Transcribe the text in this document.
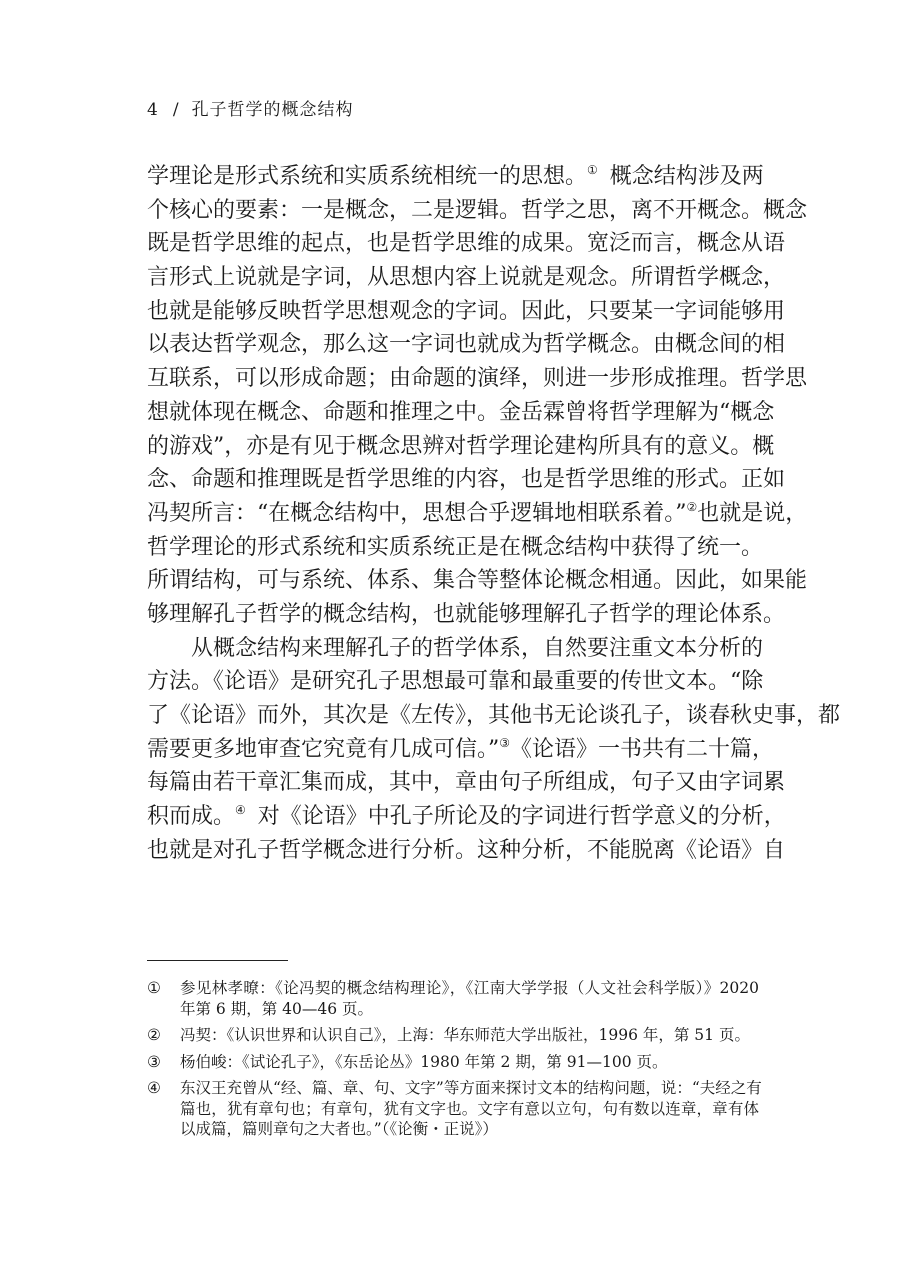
4 / 孔子哲学的概念结构
学理论是形式系统和实质系统相统一的思想。① 概念结构涉及两
个核心的要素：一是概念，二是逻辑。哲学之思，离不开概念。概念
既是哲学思维的起点，也是哲学思维的成果。宽泛而言，概念从语
言形式上说就是字词，从思想内容上说就是观念。所谓哲学概念，
也就是能够反映哲学思想观念的字词。因此，只要某一字词能够用
以表达哲学观念，那么这一字词也就成为哲学概念。由概念间的相
互联系，可以形成命题；由命题的演绎，则进一步形成推理。哲学思
想就体现在概念、命题和推理之中。金岳霖曾将哲学理解为“概念
的游戏”，亦是有见于概念思辨对哲学理论建构所具有的意义。概
念、命题和推理既是哲学思维的内容，也是哲学思维的形式。正如
冯契所言：“在概念结构中，思想合乎逻辑地相联系着。”②也就是说，
哲学理论的形式系统和实质系统正是在概念结构中获得了统一。
所谓结构，可与系统、体系、集合等整体论概念相通。因此，如果能
够理解孔子哲学的概念结构，也就能够理解孔子哲学的理论体系。
从概念结构来理解孔子的哲学体系，自然要注重文本分析的
方法。《论语》是研究孔子思想最可靠和最重要的传世文本。“除
了《论语》而外，其次是《左传》，其他书无论谈孔子，谈春秋史事，都
需要更多地审查它究竟有几成可信。”③《论语》一书共有二十篇，
每篇由若干章汇集而成，其中，章由句子所组成，句子又由字词累
积而成。④ 对《论语》中孔子所论及的字词进行哲学意义的分析，
也就是对孔子哲学概念进行分析。这种分析，不能脱离《论语》自
① 参见林孝暸：《论冯契的概念结构理论》，《江南大学学报（人文社会科学版）》2020
年第 6 期，第 40—46 页。
② 冯契：《认识世界和认识自己》，上海：华东师范大学出版社，1996 年，第 51 页。
③ 杨伯峻：《试论孔子》，《东岳论丛》1980 年第 2 期，第 91—100 页。
④ 东汉王充曾从“经、篇、章、句、文字”等方面来探讨文本的结构问题，说：“夫经之有
篇也，犹有章句也；有章句，犹有文字也。文字有意以立句，句有数以连章，章有体
以成篇，篇则章句之大者也。”（《论衡・正说》）
